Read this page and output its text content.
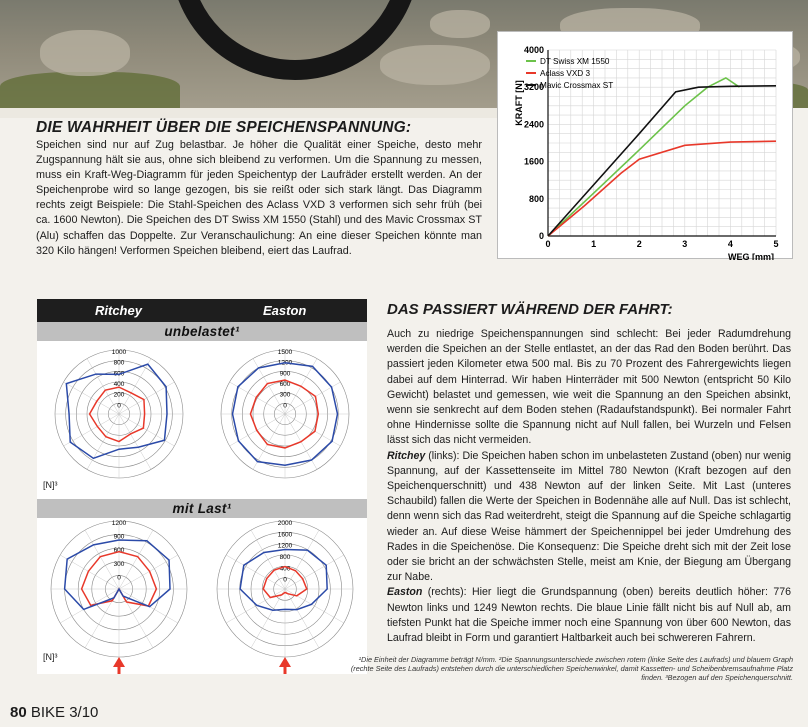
0	1	2	3	4	5
0
800
1600
2400
3200
4000
WEG [mm]
KRAFT [N]
DT Swiss XM 1550
Aclass VXD 3
Mavic Crossmax ST
DIE WAHRHEIT ÜBER DIE SPEICHENSPANNUNG:

Speichen sind nur auf Zug belastbar. Je höher die Qualität einer Speiche, desto mehr Zugspannung hält sie aus, ohne sich bleibend zu verformen. Um die Spannung zu messen, muss ein Kraft-Weg-Diagramm für jeden Speichentyp der Laufräder erstellt werden. An der Speichenprobe wird so lange gezogen, bis sie reißt oder sich stark längt. Das Diagramm rechts zeigt Beispiele: Die Stahl-Speichen des Aclass VXD 3 verformen sich sehr früh (bei ca. 1600 Newton). Die Speichen des DT Swiss XM 1550 (Stahl) und des Mavic Crossmax ST (Alu) schaffen das Doppelte. Zur Veranschaulichung: An eine dieser Speichen könnte man 320 Kilo hängen! Verformen Speichen bleibend, eiert das Laufrad.

Ritchey	Easton
unbelastet¹
mit Last¹
1000
800
600
400
200
0
1500
1200
900
600
300
0
1200
900
600
300
0
2000
1600
1200
800
400
0
[N]³
[N]³
DAS PASSIERT WÄHREND DER FAHRT:
Auch zu niedrige Speichenspannungen sind schlecht: Bei jeder Radumdrehung werden die Speichen an der Stelle entlastet, an der das Rad den Boden berührt. Das passiert jeden Kilometer etwa 500 mal. Bis zu 70 Prozent des Fahrergewichts liegen dabei auf dem Hinterrad. Wir haben Hinterräder mit 500 Newton (entspricht 50 Kilo Gewicht) belastet und gemessen, wie weit die Spannung an den Speichen absinkt, wenn sie senkrecht auf dem Boden stehen (Radaufstandspunkt). Bei normaler Fahrt ohne Hindernisse sollte die Spannung nicht auf Null fallen, bei Wurzeln und Felsen lässt sich das nicht vermeiden.
Ritchey (links): Die Speichen haben schon im unbelasteten Zustand (oben) nur wenig Spannung, auf der Kassettenseite im Mittel 780 Newton (Kraft bezogen auf den Speichenquerschnitt) und 438 Newton auf der linken Seite. Mit Last (unteres Schaubild) fallen die Werte der Speichen in Bodennähe alle auf Null. Das ist schlecht, denn wenn sich das Rad weiterdreht, steigt die Spannung auf die Speiche schlagartig wieder an. Auf diese Weise hämmert der Speichennippel bei jeder Umdrehung des Rades in die Speichenöse. Die Konsequenz: Die Speiche dreht sich mit der Zeit lose oder sie bricht an der schwächsten Stelle, meist am Knie, der Biegung am Übergang zur Nabe.
Easton (rechts): Hier liegt die Grundspannung (oben) bereits deutlich höher: 776 Newton links und 1249 Newton rechts. Die blaue Linie fällt nicht bis auf Null ab, am tiefsten Punkt hat die Speiche immer noch eine Spannung von über 600 Newton, das Laufrad bleibt in Form und garantiert Haltbarkeit auch bei schwereren Fahrern.

¹Die Einheit der Diagramme beträgt N/mm. ²Die Spannungsunterschiede zwischen rotem (linke Seite des Laufrads) und blauem Graph (rechte Seite des Laufrads) entstehen durch die unterschiedlichen Speichenwinkel, damit Kassetten- und Scheibenbremsaufnahme Platz finden. ³Bezogen auf den Speichenquerschnitt.

80 BIKE 3/10
